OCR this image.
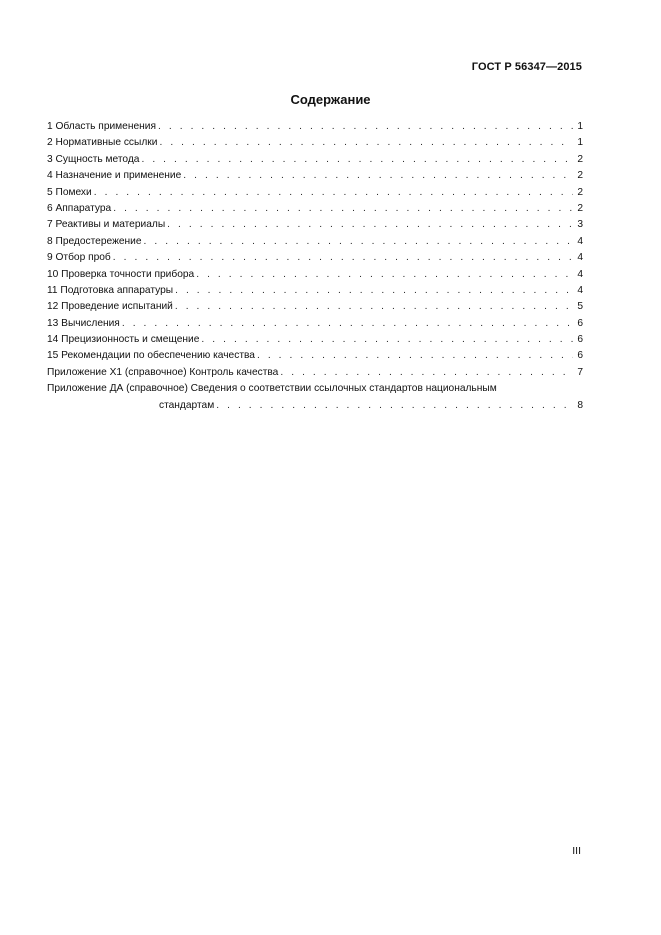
ГОСТ Р 56347—2015
Содержание
1 Область применения . . .	1
2 Нормативные ссылки . . .	1
3 Сущность метода . . .	2
4 Назначение и применение . . .	2
5 Помехи . . .	2
6 Аппаратура . . .	2
7 Реактивы и материалы . . .	3
8 Предостережение . . .	4
9 Отбор проб . . .	4
10 Проверка точности прибора . . .	4
11 Подготовка аппаратуры . . .	4
12 Проведение испытаний . . .	5
13 Вычисления . . .	6
14 Прецизионность и смещение . . .	6
15 Рекомендации по обеспечению качества . . .	6
Приложение Х1 (справочное) Контроль качества . . .	7
Приложение ДА (справочное) Сведения о соответствии ссылочных стандартов национальным
стандартам . . .	8
III
